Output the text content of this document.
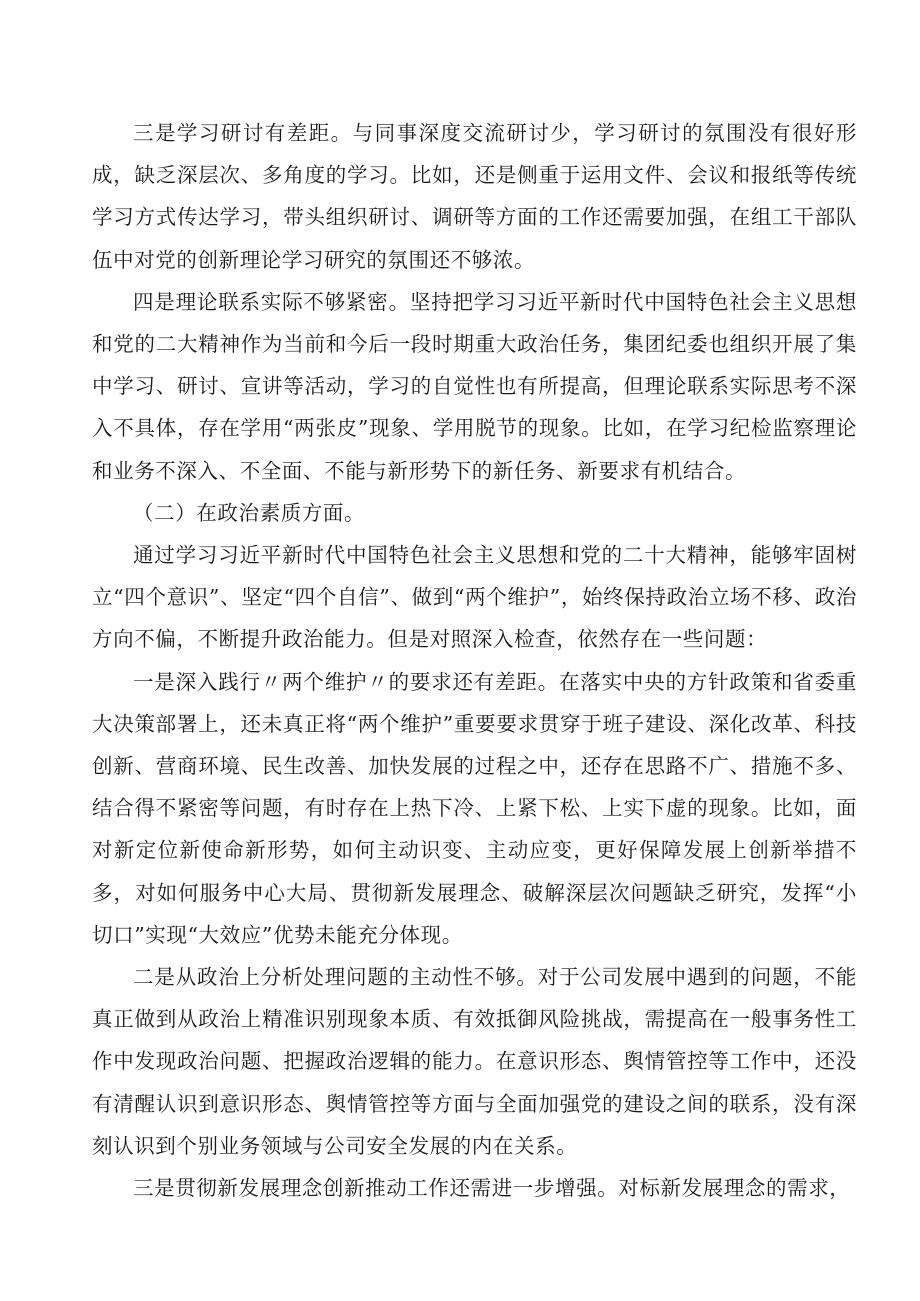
三是学习研讨有差距。与同事深度交流研讨少，学习研讨的氛围没有很好形成，缺乏深层次、多角度的学习。比如，还是侧重于运用文件、会议和报纸等传统学习方式传达学习，带头组织研讨、调研等方面的工作还需要加强，在组工干部队伍中对党的创新理论学习研究的氛围还不够浓。

四是理论联系实际不够紧密。坚持把学习习近平新时代中国特色社会主义思想和党的二大精神作为当前和今后一段时期重大政治任务，集团纪委也组织开展了集中学习、研讨、宣讲等活动，学习的自觉性也有所提高，但理论联系实际思考不深入不具体，存在学用“两张皮”现象、学用脱节的现象。比如，在学习纪检监察理论和业务不深入、不全面、不能与新形势下的新任务、新要求有机结合。

（二）在政治素质方面。

通过学习习近平新时代中国特色社会主义思想和党的二十大精神，能够牢固树立“四个意识”、坚定“四个自信”、做到“两个维护”，始终保持政治立场不移、政治方向不偏，不断提升政治能力。但是对照深入检查，依然存在一些问题：

一是深入践行〃两个维护〃的要求还有差距。在落实中央的方针政策和省委重大决策部署上，还未真正将“两个维护”重要要求贯穿于班子建设、深化改革、科技创新、营商环境、民生改善、加快发展的过程之中，还存在思路不广、措施不多、结合得不紧密等问题，有时存在上热下冷、上紧下松、上实下虚的现象。比如，面对新定位新使命新形势，如何主动识变、主动应变，更好保障发展上创新举措不多，对如何服务中心大局、贯彻新发展理念、破解深层次问题缺乏研究，发挥“小切口”实现“大效应”优势未能充分体现。

二是从政治上分析处理问题的主动性不够。对于公司发展中遇到的问题，不能真正做到从政治上精准识别现象本质、有效抵御风险挑战，需提高在一般事务性工作中发现政治问题、把握政治逻辑的能力。在意识形态、舆情管控等工作中，还没有清醒认识到意识形态、舆情管控等方面与全面加强党的建设之间的联系，没有深刻认识到个别业务领域与公司安全发展的内在关系。

三是贯彻新发展理念创新推动工作还需进一步增强。对标新发展理念的需求，
